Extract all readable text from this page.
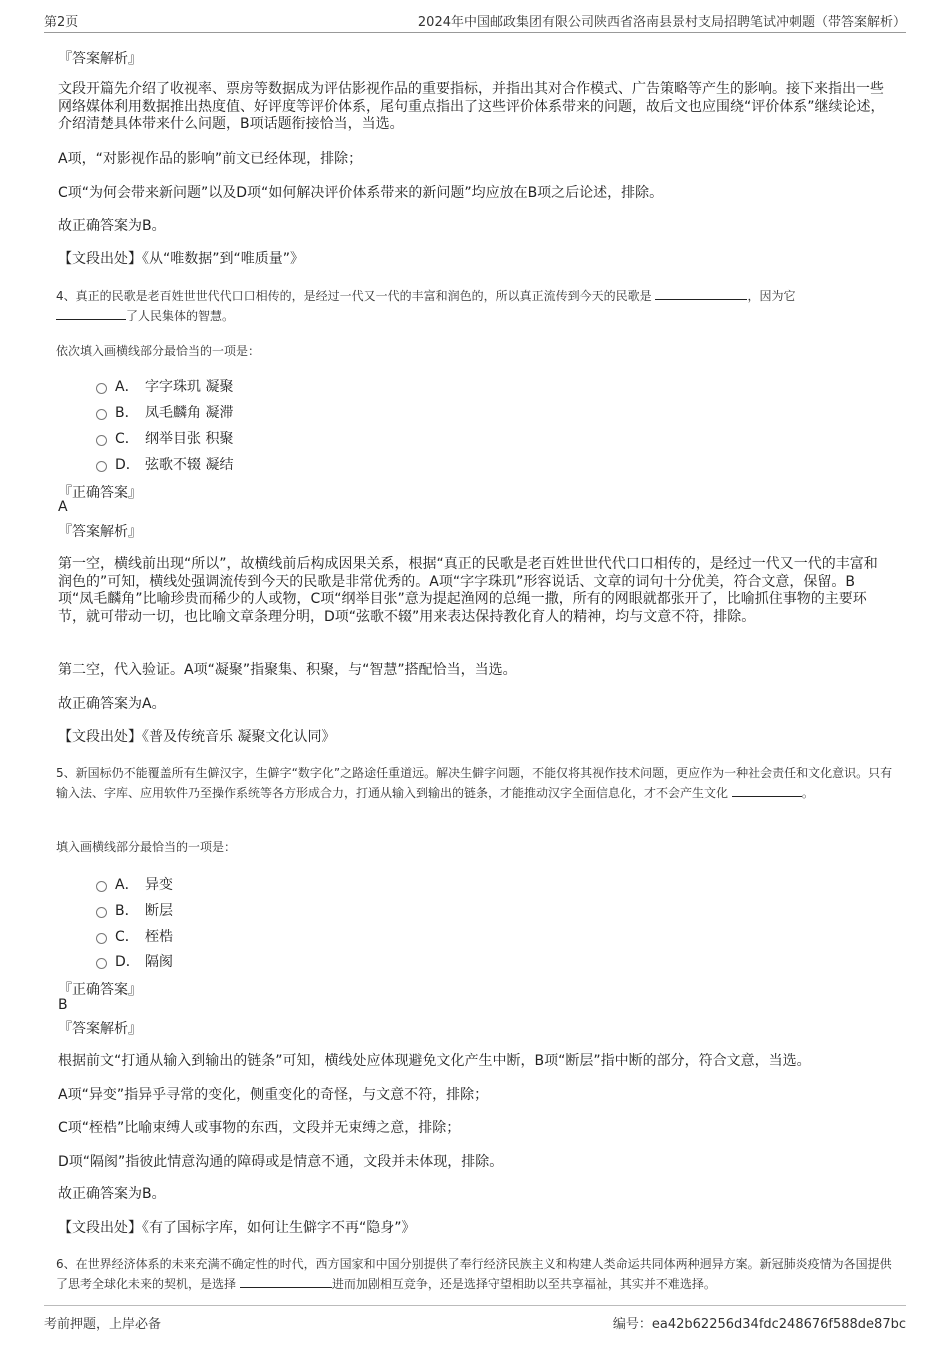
第2页	2024年中国邮政集团有限公司陕西省洛南县景村支局招聘笔试冲刺题（带答案解析）
『答案解析』
文段开篇先介绍了收视率、票房等数据成为评估影视作品的重要指标，并指出其对合作模式、广告策略等产生的影响。接下来指出一些网络媒体利用数据推出热度值、好评度等评价体系，尾句重点指出了这些评价体系带来的问题，故后文也应围绕“评价体系”继续论述，介绍清楚具体带来什么问题，B项话题衔接恰当，当选。
A项，“对影视作品的影响”前文已经体现，排除；
C项“为何会带来新问题”以及D项“如何解决评价体系带来的新问题”均应放在B项之后论述，排除。
故正确答案为B。
【文段出处】《从“唯数据”到“唯质量”》
4、真正的民歌是老百姓世世代代口口相传的，是经过一代又一代的丰富和润色的，所以真正流传到今天的民歌是	，因为它
了人民集体的智慧。
依次填入画横线部分最恰当的一项是：
A． 字字珠玑 凝聚
B． 凤毛麟角 凝滞
C． 纲举目张 积聚
D． 弦歌不辍 凝结
『正确答案』
A
『答案解析』
第一空，横线前出现“所以”，故横线前后构成因果关系，根据“真正的民歌是老百姓世世代代口口相传的，是经过一代又一代的丰富和润色的”可知，横线处强调流传到今天的民歌是非常优秀的。A项“字字珠玑”形容说话、文章的词句十分优美，符合文意，保留。B项“凤毛麟角”比喻珍贵而稀少的人或物，C项“纲举目张”意为提起渔网的总绳一撒，所有的网眼就都张开了，比喻抓住事物的主要环节，就可带动一切，也比喻文章条理分明，D项“弦歌不辍”用来表达保持教化育人的精神，均与文意不符，排除。
第二空，代入验证。A项“凝聚”指聚集、积聚，与“智慧”搭配恰当，当选。
故正确答案为A。
【文段出处】《普及传统音乐 凝聚文化认同》
5、新国标仍不能覆盖所有生僻汉字，生僻字“数字化”之路途任重道远。解决生僻字问题，不能仅将其视作技术问题，更应作为一种社会责任和文化意识。只有输入法、字库、应用软件乃至操作系统等各方形成合力，打通从输入到输出的链条，才能推动汉字全面信息化，才不会产生文化	。
填入画横线部分最恰当的一项是：
A． 异变
B． 断层
C． 桎梏
D． 隔阂
『正确答案』
B
『答案解析』
根据前文“打通从输入到输出的链条”可知，横线处应体现避免文化产生中断，B项“断层”指中断的部分，符合文意，当选。
A项“异变”指异乎寻常的变化，侧重变化的奇怪，与文意不符，排除；
C项“桎梏”比喻束缚人或事物的东西，文段并无束缚之意，排除；
D项“隔阂”指彼此情意沟通的障碍或是情意不通，文段并未体现，排除。
故正确答案为B。
【文段出处】《有了国标字库，如何让生僻字不再“隐身”》
6、在世界经济体系的未来充满不确定性的时代，西方国家和中国分别提供了奉行经济民族主义和构建人类命运共同体两种迥异方案。新冠肺炎疫情为各国提供了思考全球化未来的契机，是选择	进而加剧相互竞争，还是选择守望相助以至共享福祉，其实并不难选择。
考前押题，上岸必备	编号：ea42b62256d34fdc248676f588de87bc
